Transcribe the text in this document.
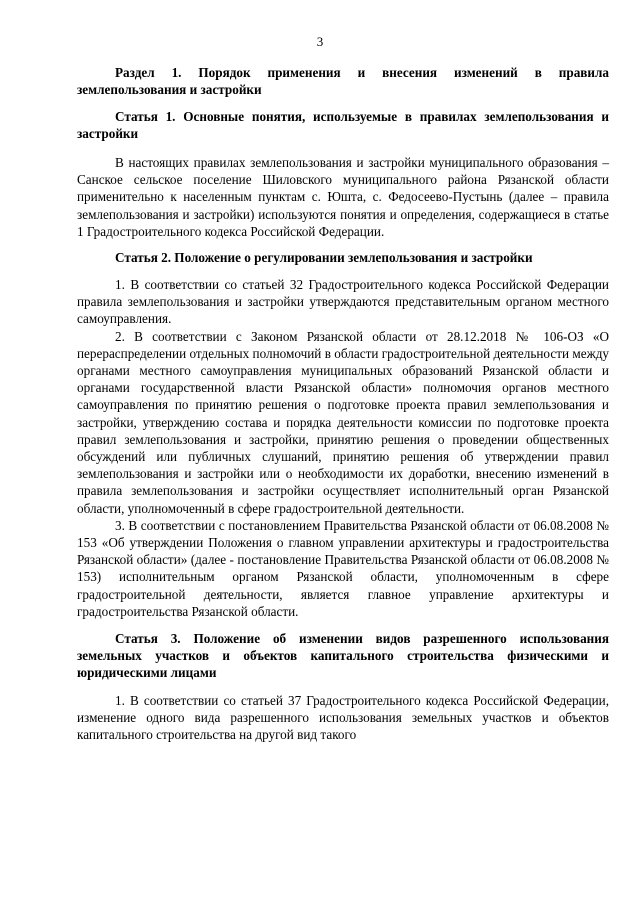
3

Раздел 1. Порядок применения и внесения изменений в правила землепользования и застройки

Статья 1. Основные понятия, используемые в правилах землепользования и застройки

В настоящих правилах землепользования и застройки муниципального образования – Санское сельское поселение Шиловского муниципального района Рязанской области применительно к населенным пунктам с. Юшта, с. Федосеево-Пустынь (далее – правила землепользования и застройки) используются понятия и определения, содержащиеся в статье 1 Градостроительного кодекса Российской Федерации.

Статья 2. Положение о регулировании землепользования и застройки

1. В соответствии со статьей 32 Градостроительного кодекса Российской Федерации правила землепользования и застройки утверждаются представительным органом местного самоуправления.

2. В соответствии с Законом Рязанской области от 28.12.2018 № 106-ОЗ «О перераспределении отдельных полномочий в области градостроительной деятельности между органами местного самоуправления муниципальных образований Рязанской области и органами государственной власти Рязанской области» полномочия органов местного самоуправления по принятию решения о подготовке проекта правил землепользования и застройки, утверждению состава и порядка деятельности комиссии по подготовке проекта правил землепользования и застройки, принятию решения о проведении общественных обсуждений или публичных слушаний, принятию решения об утверждении правил землепользования и застройки или о необходимости их доработки, внесению изменений в правила землепользования и застройки осуществляет исполнительный орган Рязанской области, уполномоченный в сфере градостроительной деятельности.

3. В соответствии с постановлением Правительства Рязанской области от 06.08.2008 № 153 «Об утверждении Положения о главном управлении архитектуры и градостроительства Рязанской области» (далее - постановление Правительства Рязанской области от 06.08.2008 № 153) исполнительным органом Рязанской области, уполномоченным в сфере градостроительной деятельности, является главное управление архитектуры и градостроительства Рязанской области.

Статья 3. Положение об изменении видов разрешенного использования земельных участков и объектов капитального строительства физическими и юридическими лицами

1. В соответствии со статьей 37 Градостроительного кодекса Российской Федерации, изменение одного вида разрешенного использования земельных участков и объектов капитального строительства на другой вид такого
